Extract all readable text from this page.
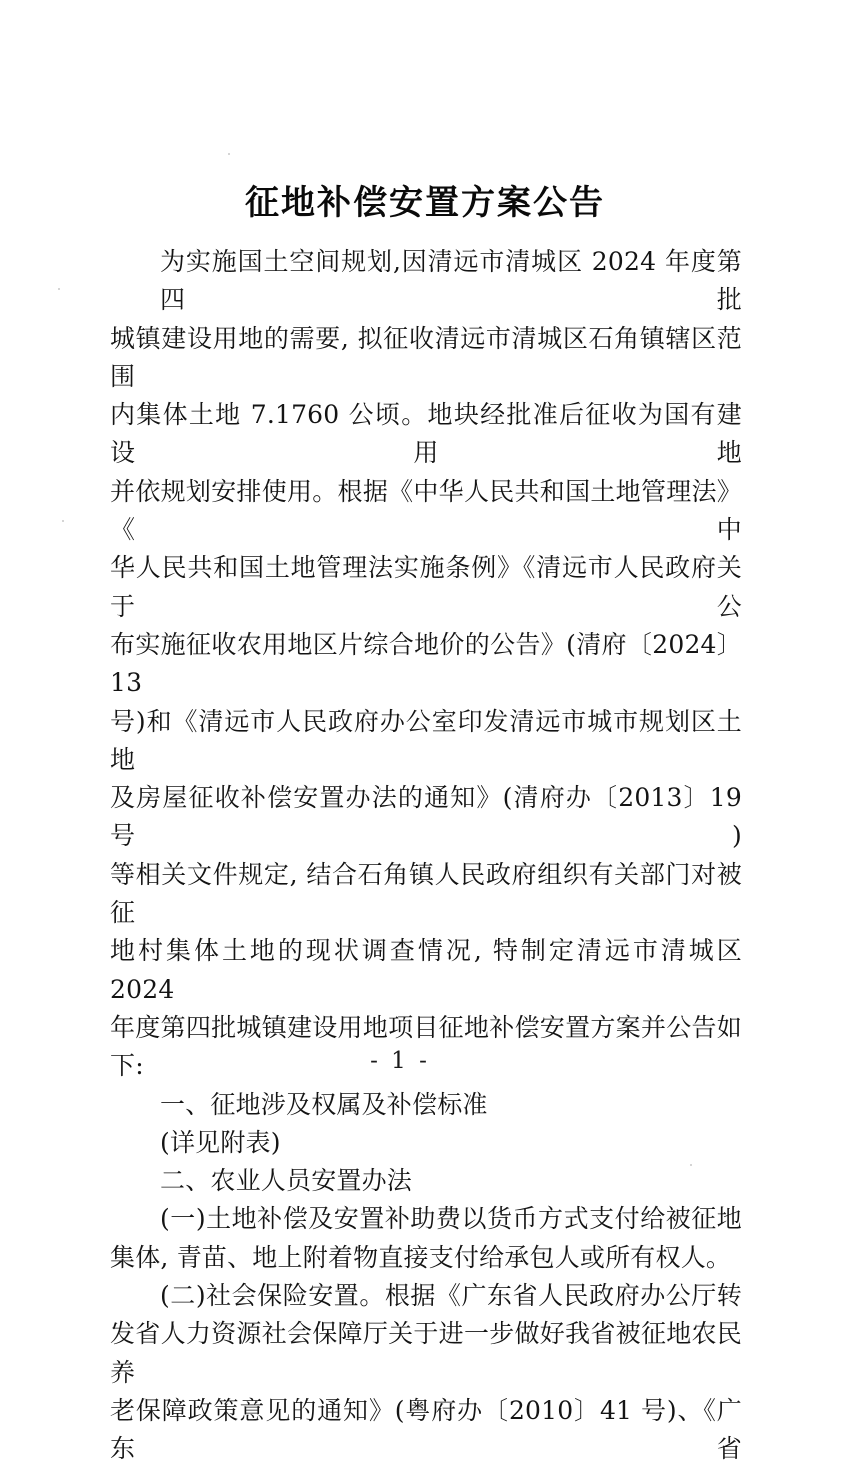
征地补偿安置方案公告
为实施国土空间规划,因清远市清城区 2024 年度第四批
城镇建设用地的需要, 拟征收清远市清城区石角镇辖区范围
内集体土地 7.1760 公顷。地块经批准后征收为国有建设用地
并依规划安排使用。根据《中华人民共和国土地管理法》《中
华人民共和国土地管理法实施条例》《清远市人民政府关于公
布实施征收农用地区片综合地价的公告》(清府〔2024〕13
号)和《清远市人民政府办公室印发清远市城市规划区土地
及房屋征收补偿安置办法的通知》(清府办〔2013〕19 号)
等相关文件规定, 结合石角镇人民政府组织有关部门对被征
地村集体土地的现状调查情况, 特制定清远市清城区 2024
年度第四批城镇建设用地项目征地补偿安置方案并公告如
下:
一、征地涉及权属及补偿标准
(详见附表)
二、农业人员安置办法
(一)土地补偿及安置补助费以货币方式支付给被征地
集体, 青苗、地上附着物直接支付给承包人或所有权人。
(二)社会保险安置。根据《广东省人民政府办公厅转
发省人力资源社会保障厅关于进一步做好我省被征地农民养
老保障政策意见的通知》(粤府办〔2010〕41 号)、《广东省
- 1 -
